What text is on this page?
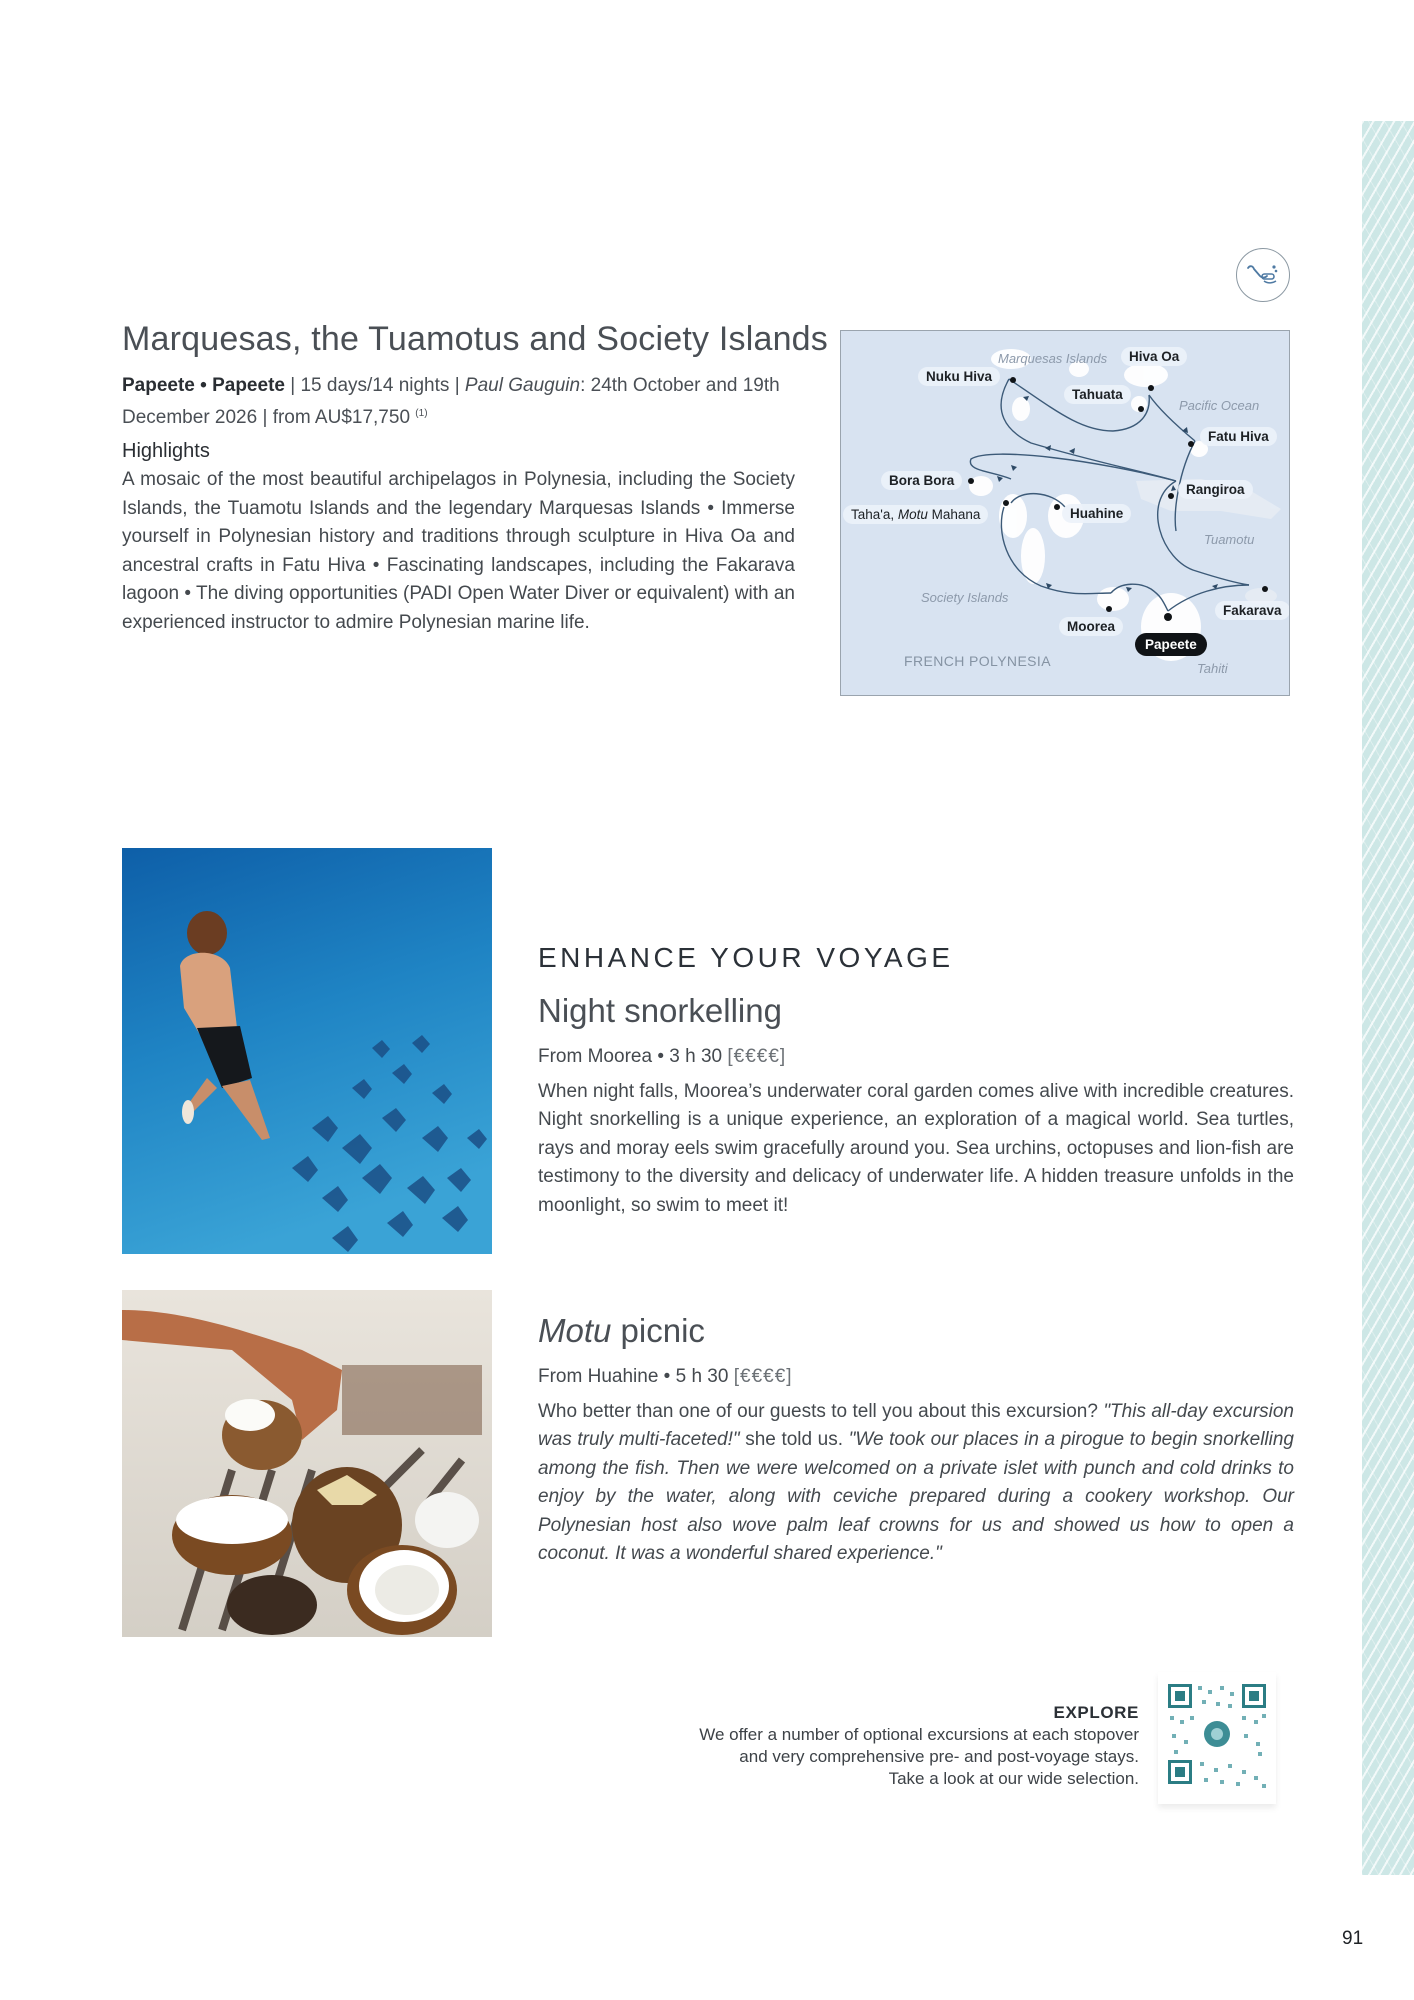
Marquesas, the Tuamotus and Society Islands
Papeete • Papeete | 15 days/14 nights | Paul Gauguin: 24th October and 19th December 2026 | from AU$17,750 $^{(1)}$
Highlights
A mosaic of the most beautiful archipelagos in Polynesia, including the Society Islands, the Tuamotu Islands and the legendary Marquesas Islands • Immerse yourself in Polynesian history and traditions through sculpture in Hiva Oa and ancestral crafts in Fatu Hiva • Fascinating landscapes, including the Fakarava lagoon • The diving opportunities (PADI Open Water Diver or equivalent) with an experienced instructor to admire Polynesian marine life.
Marquesas Islands	Hiva Oa
Nuku Hiva
Tahuata
Pacific Ocean
Fatu Hiva
Rangiroa
Bora Bora
Taha'a, Motu Mahana	Huahine
Tuamotu
Society Islands
Fakarava
Moorea
Papeete
FRENCH POLYNESIA	Tahiti
ENHANCE YOUR VOYAGE
Night snorkelling
From Moorea • 3 h 30 [€€€€]
When night falls, Moorea’s underwater coral garden comes alive with incredible creatures. Night snorkelling is a unique experience, an exploration of a magical world. Sea turtles, rays and moray eels swim gracefully around you. Sea urchins, octopuses and lion-fish are testimony to the diversity and delicacy of underwater life. A hidden treasure unfolds in the moonlight, so swim to meet it!
Motu picnic
From Huahine • 5 h 30 [€€€€]
Who better than one of our guests to tell you about this excursion? "This all-day excursion was truly multi-faceted!" she told us. "We took our places in a pirogue to begin snorkelling among the fish. Then we were welcomed on a private islet with punch and cold drinks to enjoy by the water, along with ceviche prepared during a cookery workshop. Our Polynesian host also wove palm leaf crowns for us and showed us how to open a coconut. It was a wonderful shared experience."
EXPLORE
We offer a number of optional excursions at each stopover
and very comprehensive pre- and post-voyage stays.
Take a look at our wide selection.
91
